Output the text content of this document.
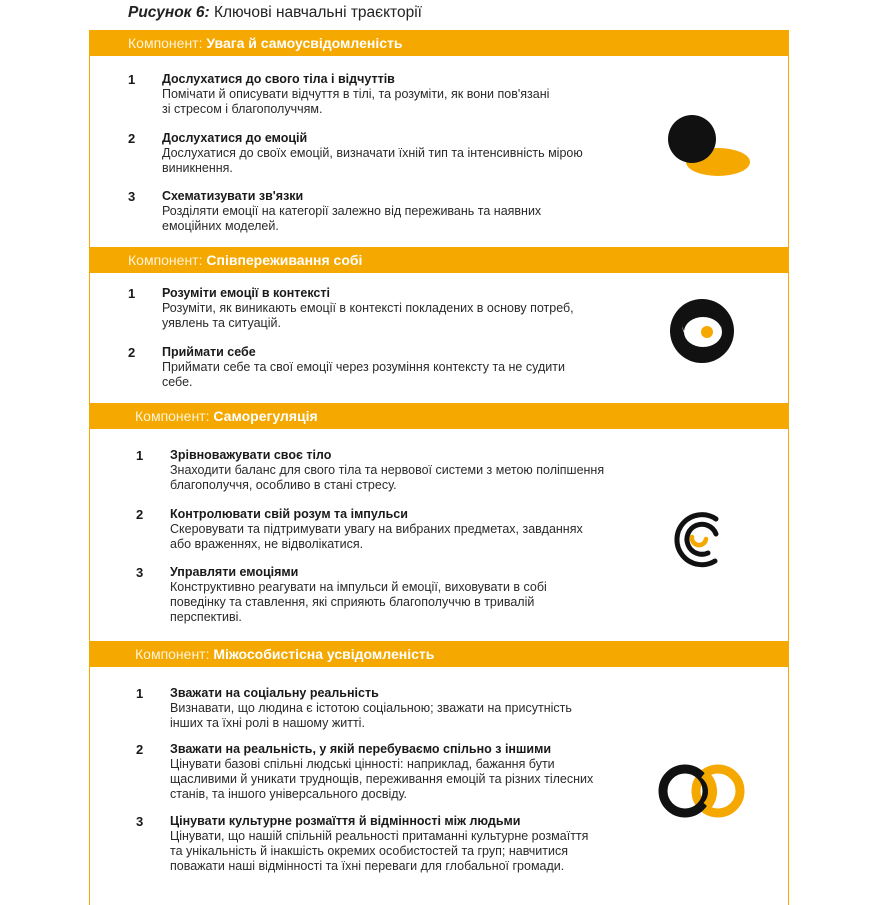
Рисунок 6: Ключові навчальні траєкторії
Компонент: Увага й самоусвідомленість
1 Дослухатися до свого тіла і відчуттів
Помічати й описувати відчуття в тілі, та розуміти, як вони пов'язані
зі стресом і благополуччям.
2 Дослухатися до емоцій
Дослухатися до своїх емоцій, визначати їхній тип та інтенсивність мірою
виникнення.
3 Схематизувати зв'язки
Розділяти емоції на категорії залежно від переживань та наявних
емоційних моделей.
Компонент: Співпереживання собі
1 Розуміти емоції в контексті
Розуміти, як виникають емоції в контексті покладених в основу потреб,
уявлень та ситуацій.
2 Приймати себе
Приймати себе та свої емоції через розуміння контексту та не судити
себе.
Компонент: Саморегуляція
1 Зрівноважувати своє тіло
Знаходити баланс для свого тіла та нервової системи з метою поліпшення
благополуччя, особливо в стані стресу.
2 Контролювати свій розум та імпульси
Скеровувати та підтримувати увагу на вибраних предметах, завданнях
або враженнях, не відволікатися.
3 Управляти емоціями
Конструктивно реагувати на імпульси й емоції, виховувати в собі
поведінку та ставлення, які сприяють благополуччю в тривалій
перспективі.
Компонент: Міжособистісна усвідомленість
1 Зважати на соціальну реальність
Визнавати, що людина є істотою соціальною; зважати на присутність
інших та їхні ролі в нашому житті.
2 Зважати на реальність, у якій перебуваємо спільно з іншими
Цінувати базові спільні людські цінності: наприклад, бажання бути
щасливими й уникати труднощів, переживання емоцій та різних тілесних
станів, та іншого універсального досвіду.
3 Цінувати культурне розмаїття й відмінності між людьми
Цінувати, що нашій спільній реальності притаманні культурне розмаїття
та унікальність й інакшість окремих особистостей та груп; навчитися
поважати наші відмінності та їхні переваги для глобальної громади.
